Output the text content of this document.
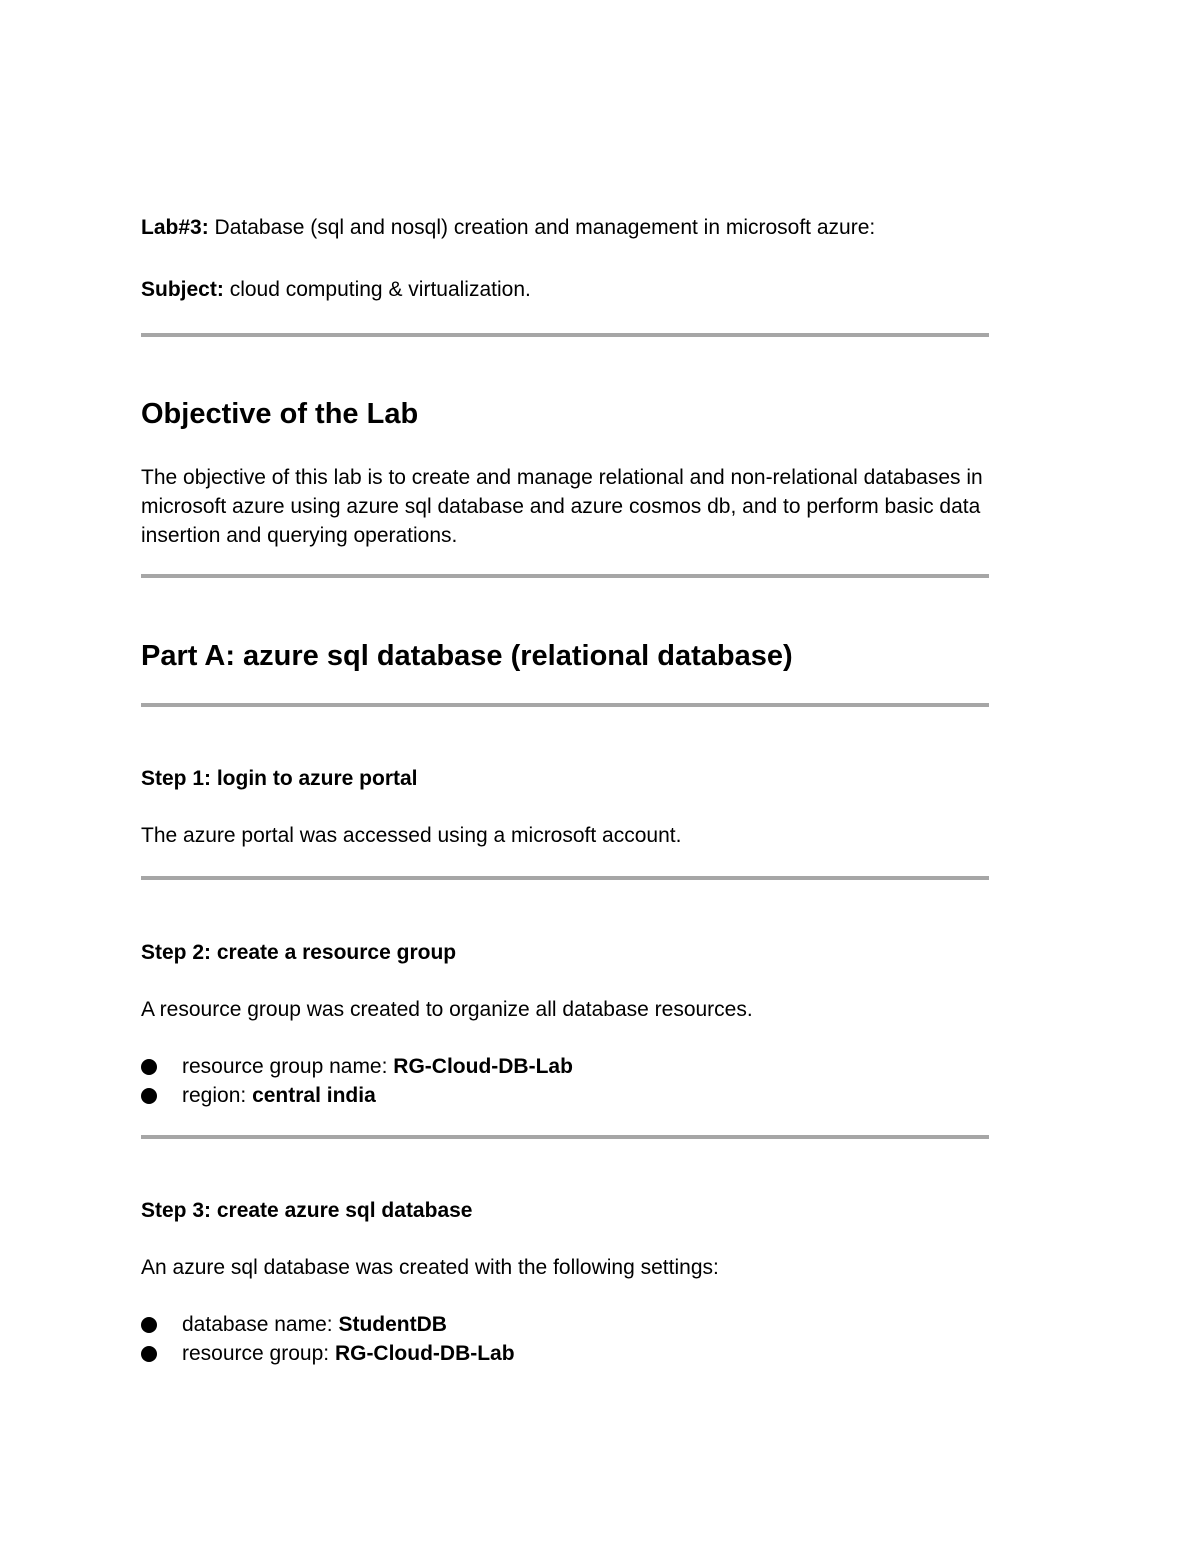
Lab#3: Database (sql and nosql) creation and management in microsoft azure:
Subject: cloud computing & virtualization.
Objective of the Lab
The objective of this lab is to create and manage relational and non-relational databases in microsoft azure using azure sql database and azure cosmos db, and to perform basic data insertion and querying operations.
Part A: azure sql database (relational database)
Step 1: login to azure portal
The azure portal was accessed using a microsoft account.
Step 2: create a resource group
A resource group was created to organize all database resources.
resource group name: RG-Cloud-DB-Lab
region: central india
Step 3: create azure sql database
An azure sql database was created with the following settings:
database name: StudentDB
resource group: RG-Cloud-DB-Lab
